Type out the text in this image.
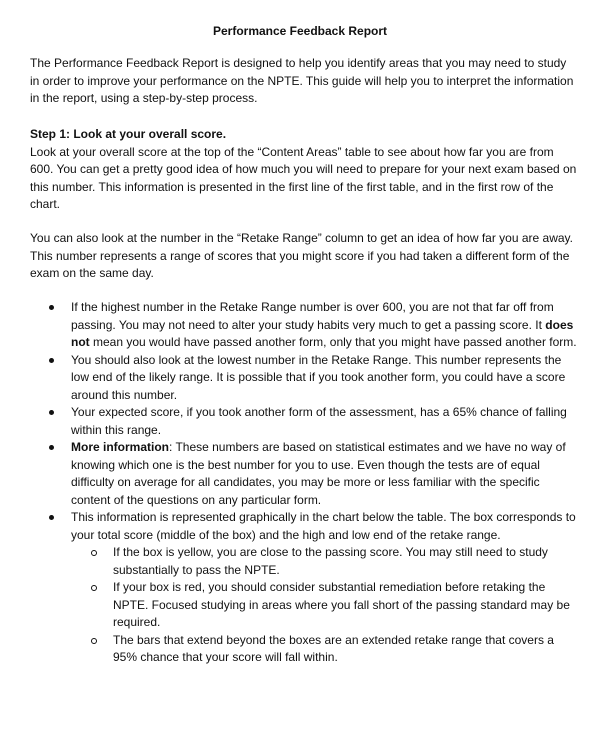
Performance Feedback Report

The Performance Feedback Report is designed to help you identify areas that you may need to study in order to improve your performance on the NPTE. This guide will help you to interpret the information in the report, using a step-by-step process.

Step 1: Look at your overall score.
Look at your overall score at the top of the “Content Areas” table to see about how far you are from 600. You can get a pretty good idea of how much you will need to prepare for your next exam based on this number. This information is presented in the first line of the first table, and in the first row of the chart.

You can also look at the number in the “Retake Range” column to get an idea of how far you are away. This number represents a range of scores that you might score if you had taken a different form of the exam on the same day.

If the highest number in the Retake Range number is over 600, you are not that far off from passing. You may not need to alter your study habits very much to get a passing score. It does not mean you would have passed another form, only that you might have passed another form.
You should also look at the lowest number in the Retake Range. This number represents the low end of the likely range. It is possible that if you took another form, you could have a score around this number.
Your expected score, if you took another form of the assessment, has a 65% chance of falling within this range.
More information: These numbers are based on statistical estimates and we have no way of knowing which one is the best number for you to use. Even though the tests are of equal difficulty on average for all candidates, you may be more or less familiar with the specific content of the questions on any particular form.
This information is represented graphically in the chart below the table. The box corresponds to your total score (middle of the box) and the high and low end of the retake range.
If the box is yellow, you are close to the passing score. You may still need to study substantially to pass the NPTE.
If your box is red, you should consider substantial remediation before retaking the NPTE. Focused studying in areas where you fall short of the passing standard may be required.
The bars that extend beyond the boxes are an extended retake range that covers a 95% chance that your score will fall within.
